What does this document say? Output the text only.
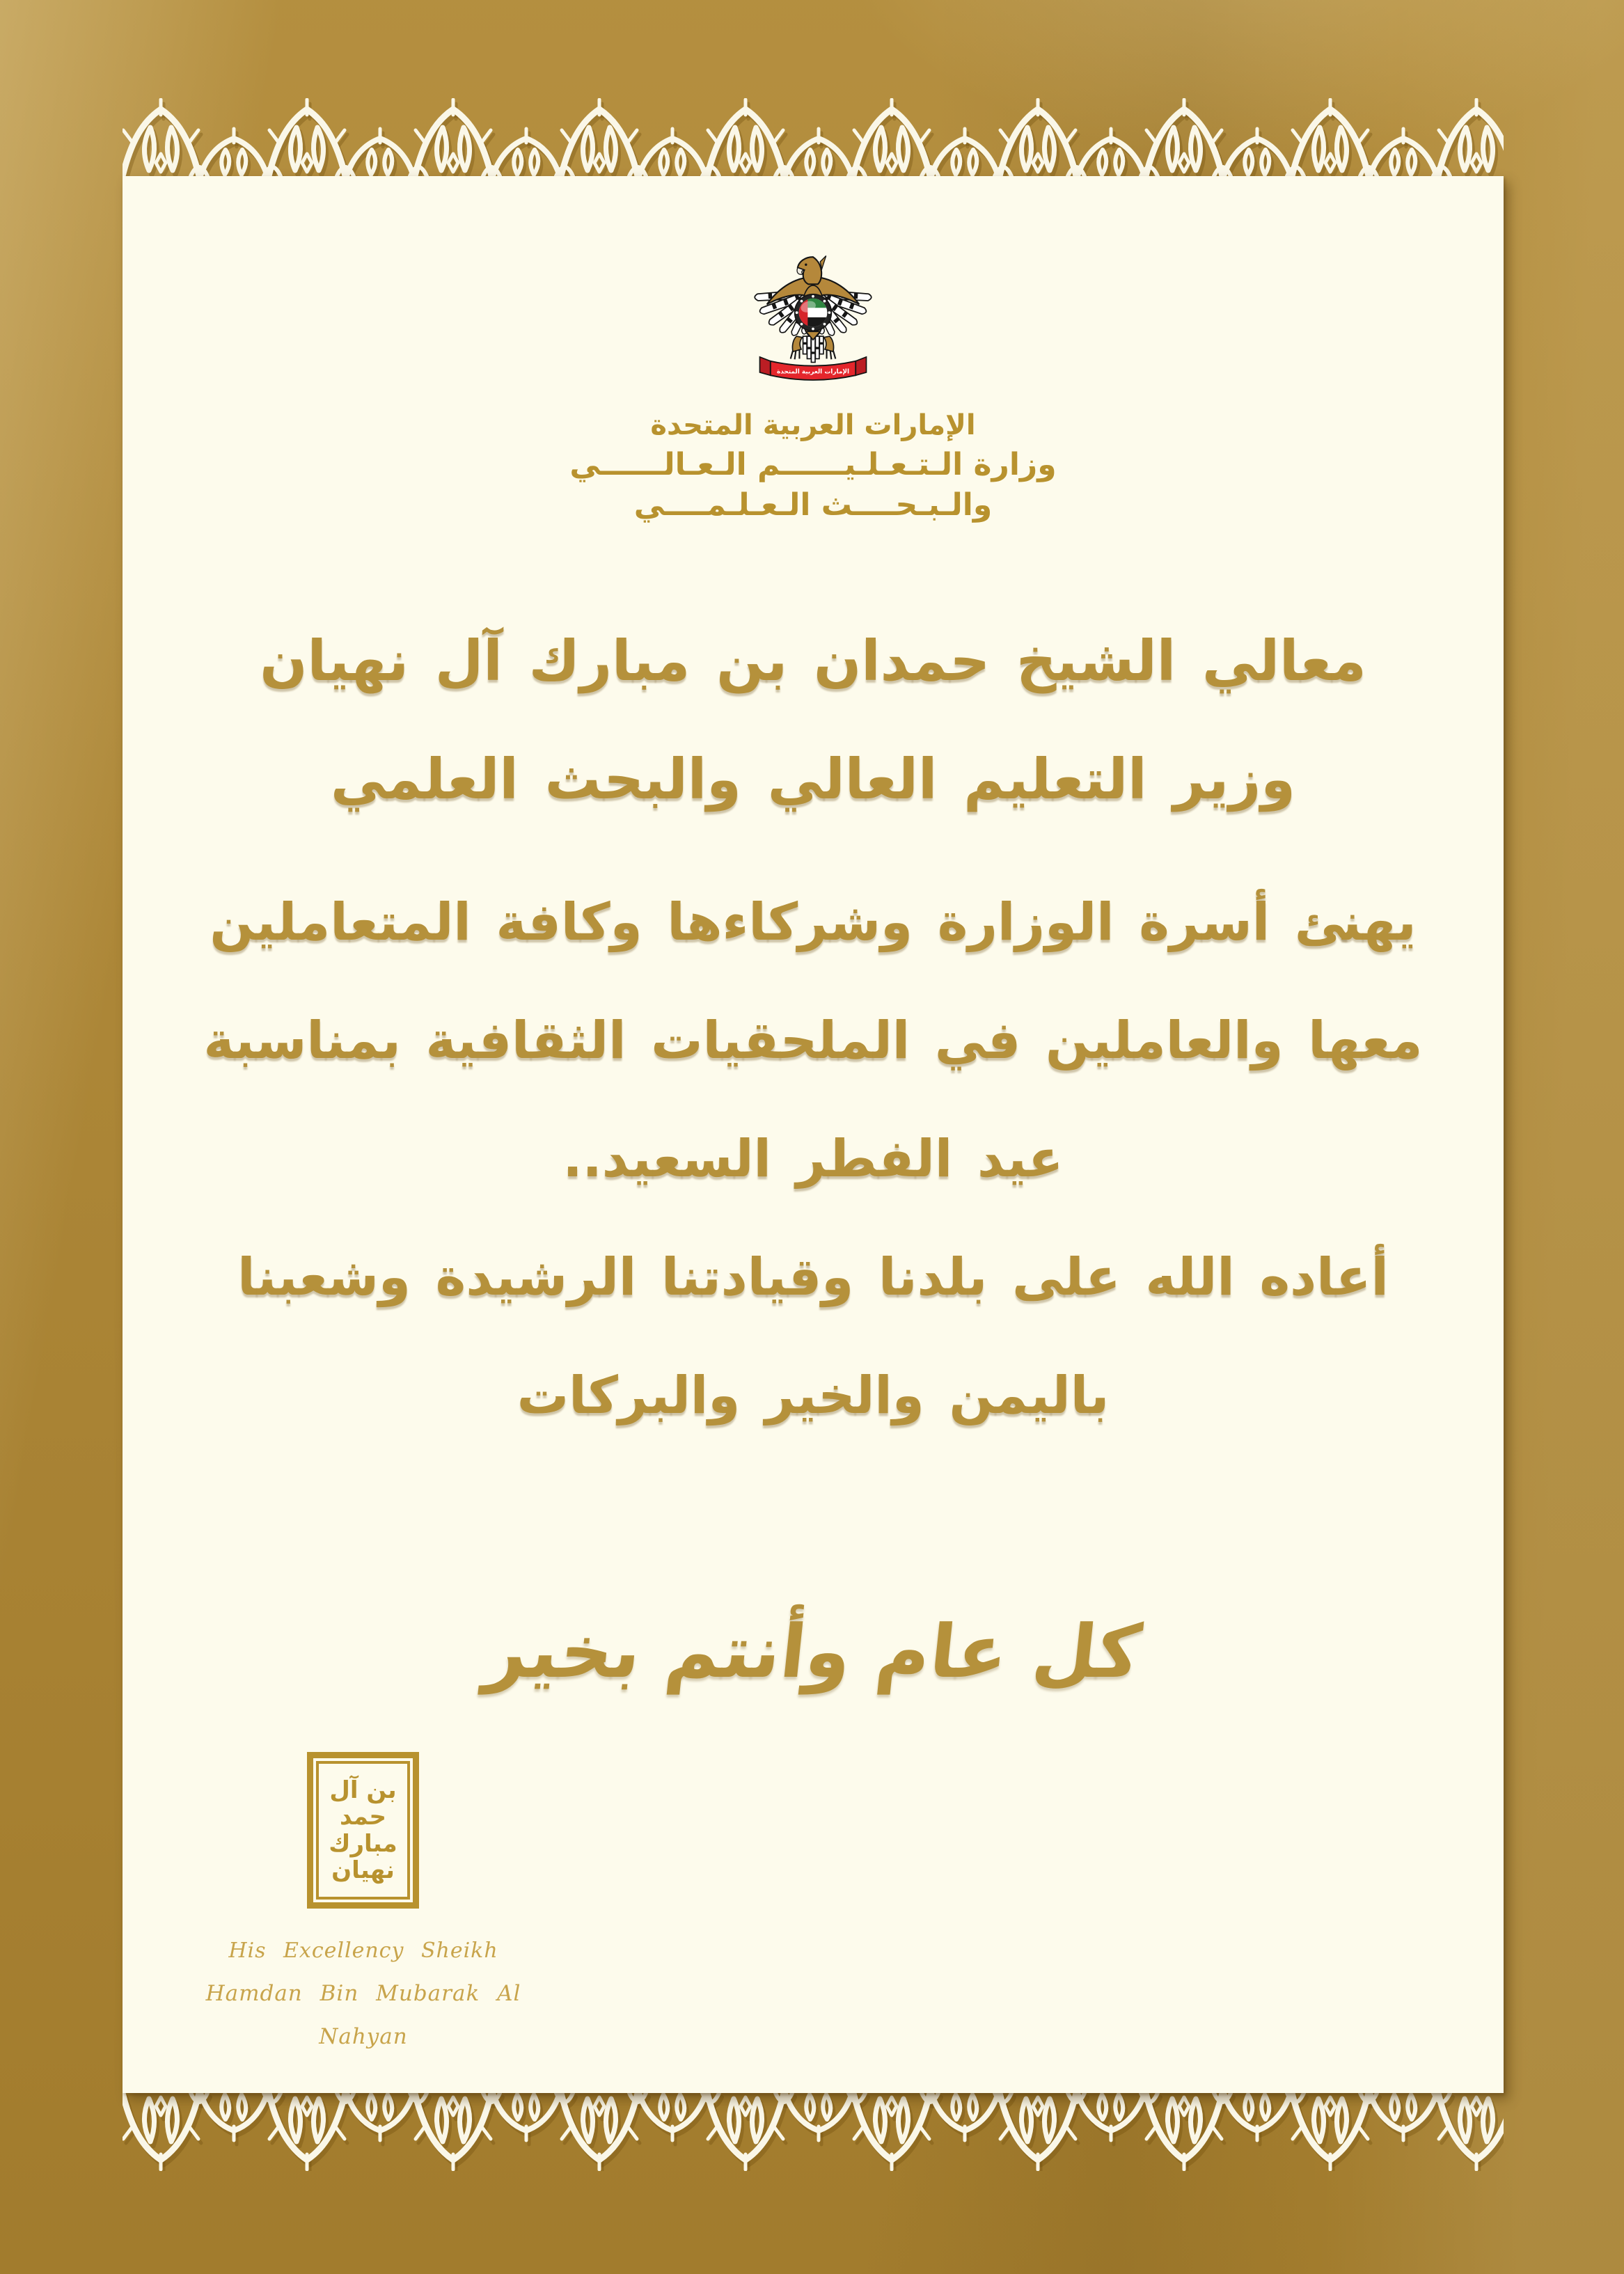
الإمارات العربية المتحدة
الإمارات العربية المتحدة
وزارة الـتـعـلـيــــــم الـعـالــــــي
والـبـحــــث الـعـلـمــــي
معالي الشيخ حمدان بن مبارك آل نهيان
وزير التعليم العالي والبحث العلمي
يهنئ أسرة الوزارة وشركاءها وكافة المتعاملين
معها والعاملين في الملحقيات الثقافية بمناسبة
عيد الفطر السعيد..
أعاده الله على بلدنا وقيادتنا الرشيدة وشعبنا
باليمن والخير والبركات
كل عام وأنتم بخير
بن آل
حمد
مبارك
نهيان
His Excellency Sheikh
Hamdan Bin Mubarak Al Nahyan
